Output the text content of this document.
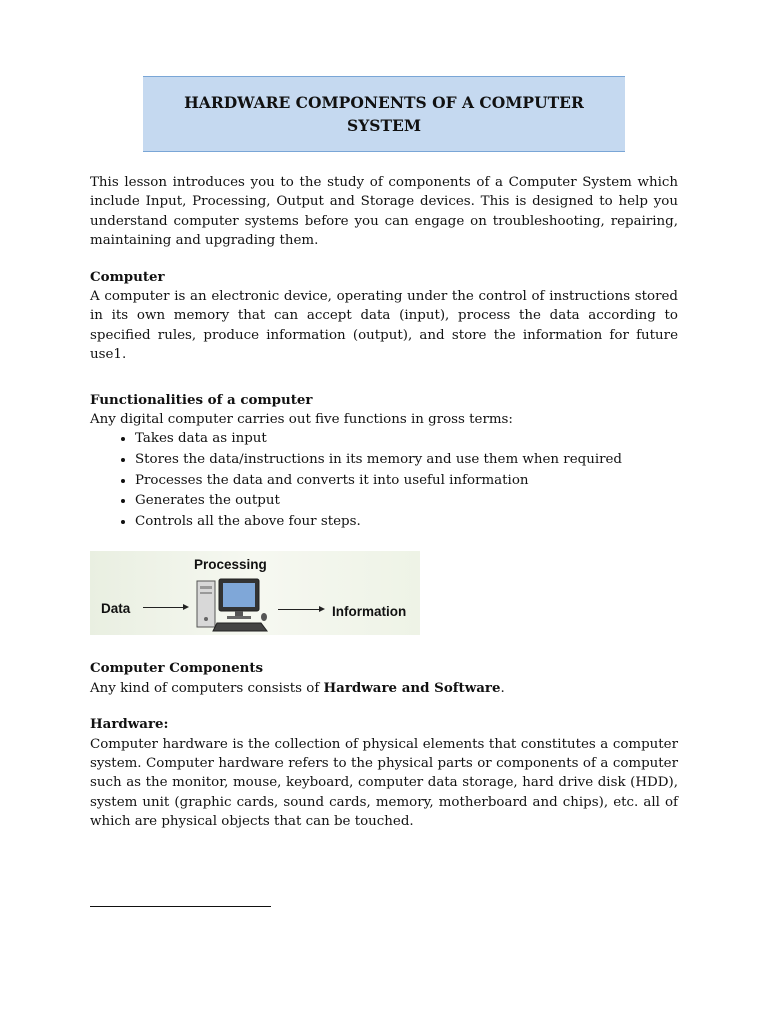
HARDWARE COMPONENTS OF A COMPUTER SYSTEM

This lesson introduces you to the study of components of a Computer System which include Input, Processing, Output and Storage devices. This is designed to help you understand computer systems before you can engage on troubleshooting, repairing, maintaining and upgrading them.

Computer

A computer is an electronic device, operating under the control of instructions stored in its own memory that can accept data (input), process the data according to specified rules, produce information (output), and store the information for future use1.

Functionalities of a computer
Any digital computer carries out five functions in gross terms:
• Takes data as input
• Stores the data/instructions in its memory and use them when required
• Processes the data and converts it into useful information
• Generates the output
• Controls all the above four steps.
Processing
Data	Information
Computer Components
Any kind of computers consists of Hardware and Software.
Hardware:

Computer hardware is the collection of physical elements that constitutes a computer system. Computer hardware refers to the physical parts or components of a computer such as the monitor, mouse, keyboard, computer data storage, hard drive disk (HDD), system unit (graphic cards, sound cards, memory, motherboard and chips), etc. all of which are physical objects that can be touched.
